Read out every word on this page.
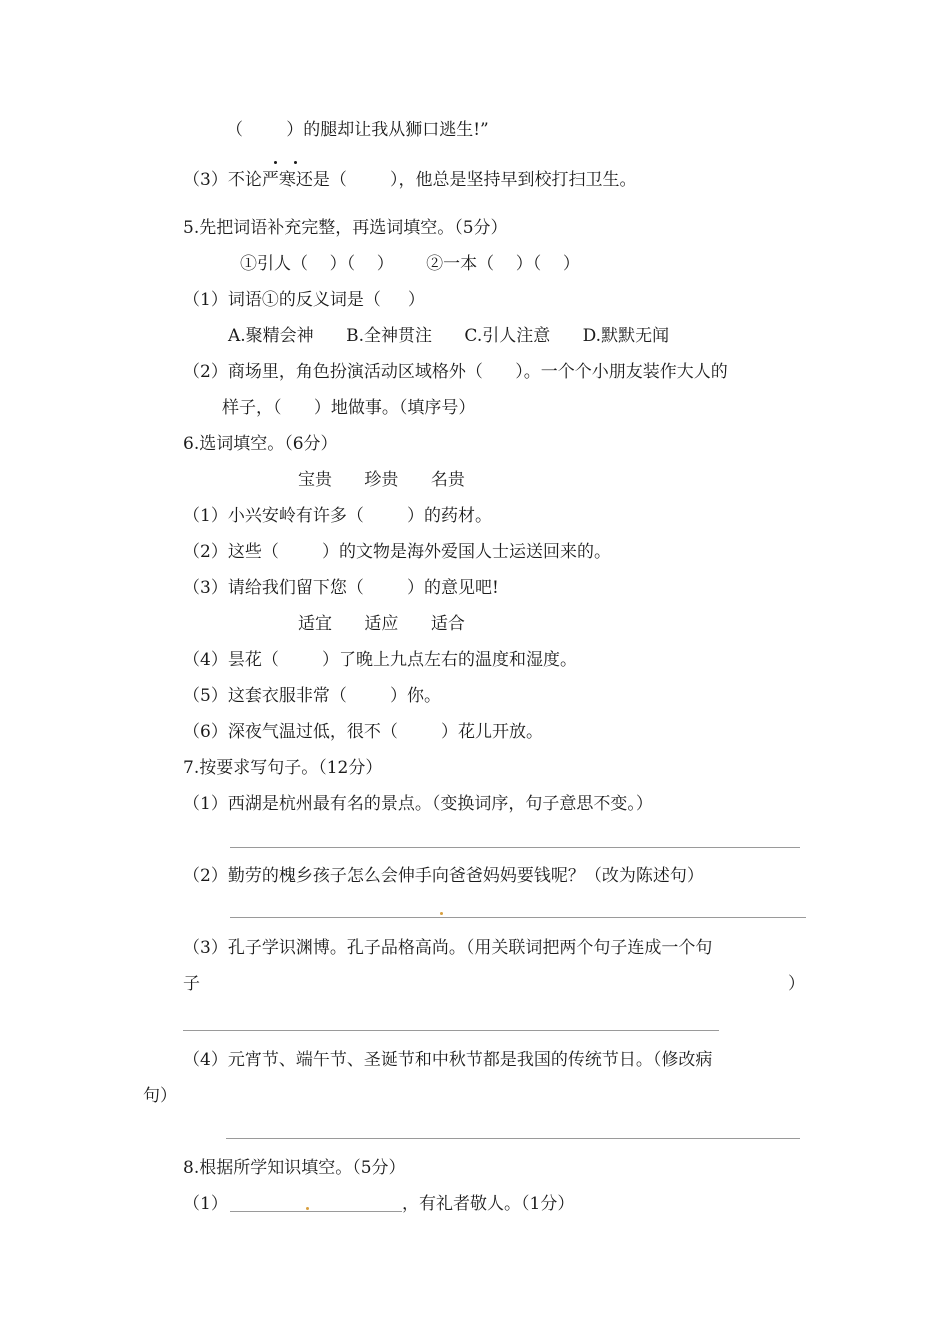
（        ）的腿却让我从狮口逃生!”
（3）不论严寒还是（        ），他总是坚持早到校打扫卫生。
5.先把词语补充完整，再选词填空。（5分）
①引人（    ）（    ）      ②一本（    ）（    ）
（1）词语①的反义词是（     ）
A.聚精会神      B.全神贯注      C.引人注意      D.默默无闻
（2）商场里，角色扮演活动区域格外（      ）。一个个小朋友装作大人的
样子，（      ）地做事。（填序号）
6.选词填空。（6分）
宝贵      珍贵      名贵
（1）小兴安岭有许多（        ）的药材。
（2）这些（        ）的文物是海外爱国人士运送回来的。
（3）请给我们留下您（        ）的意见吧!
适宜      适应      适合
（4）昙花（        ）了晚上九点左右的温度和湿度。
（5）这套衣服非常（        ）你。
（6）深夜气温过低，很不（        ）花儿开放。
7.按要求写句子。（12分）
（1）西湖是杭州最有名的景点。（变换词序，句子意思不变。）
（2）勤劳的槐乡孩子怎么会伸手向爸爸妈妈要钱呢？（改为陈述句）
（3）孔子学识渊博。孔子品格高尚。（用关联词把两个句子连成一个句
子	）
（4）元宵节、端午节、圣诞节和中秋节都是我国的传统节日。（修改病
句）
8.根据所学知识填空。（5分）
（1）	，有礼者敬人。（1分）
